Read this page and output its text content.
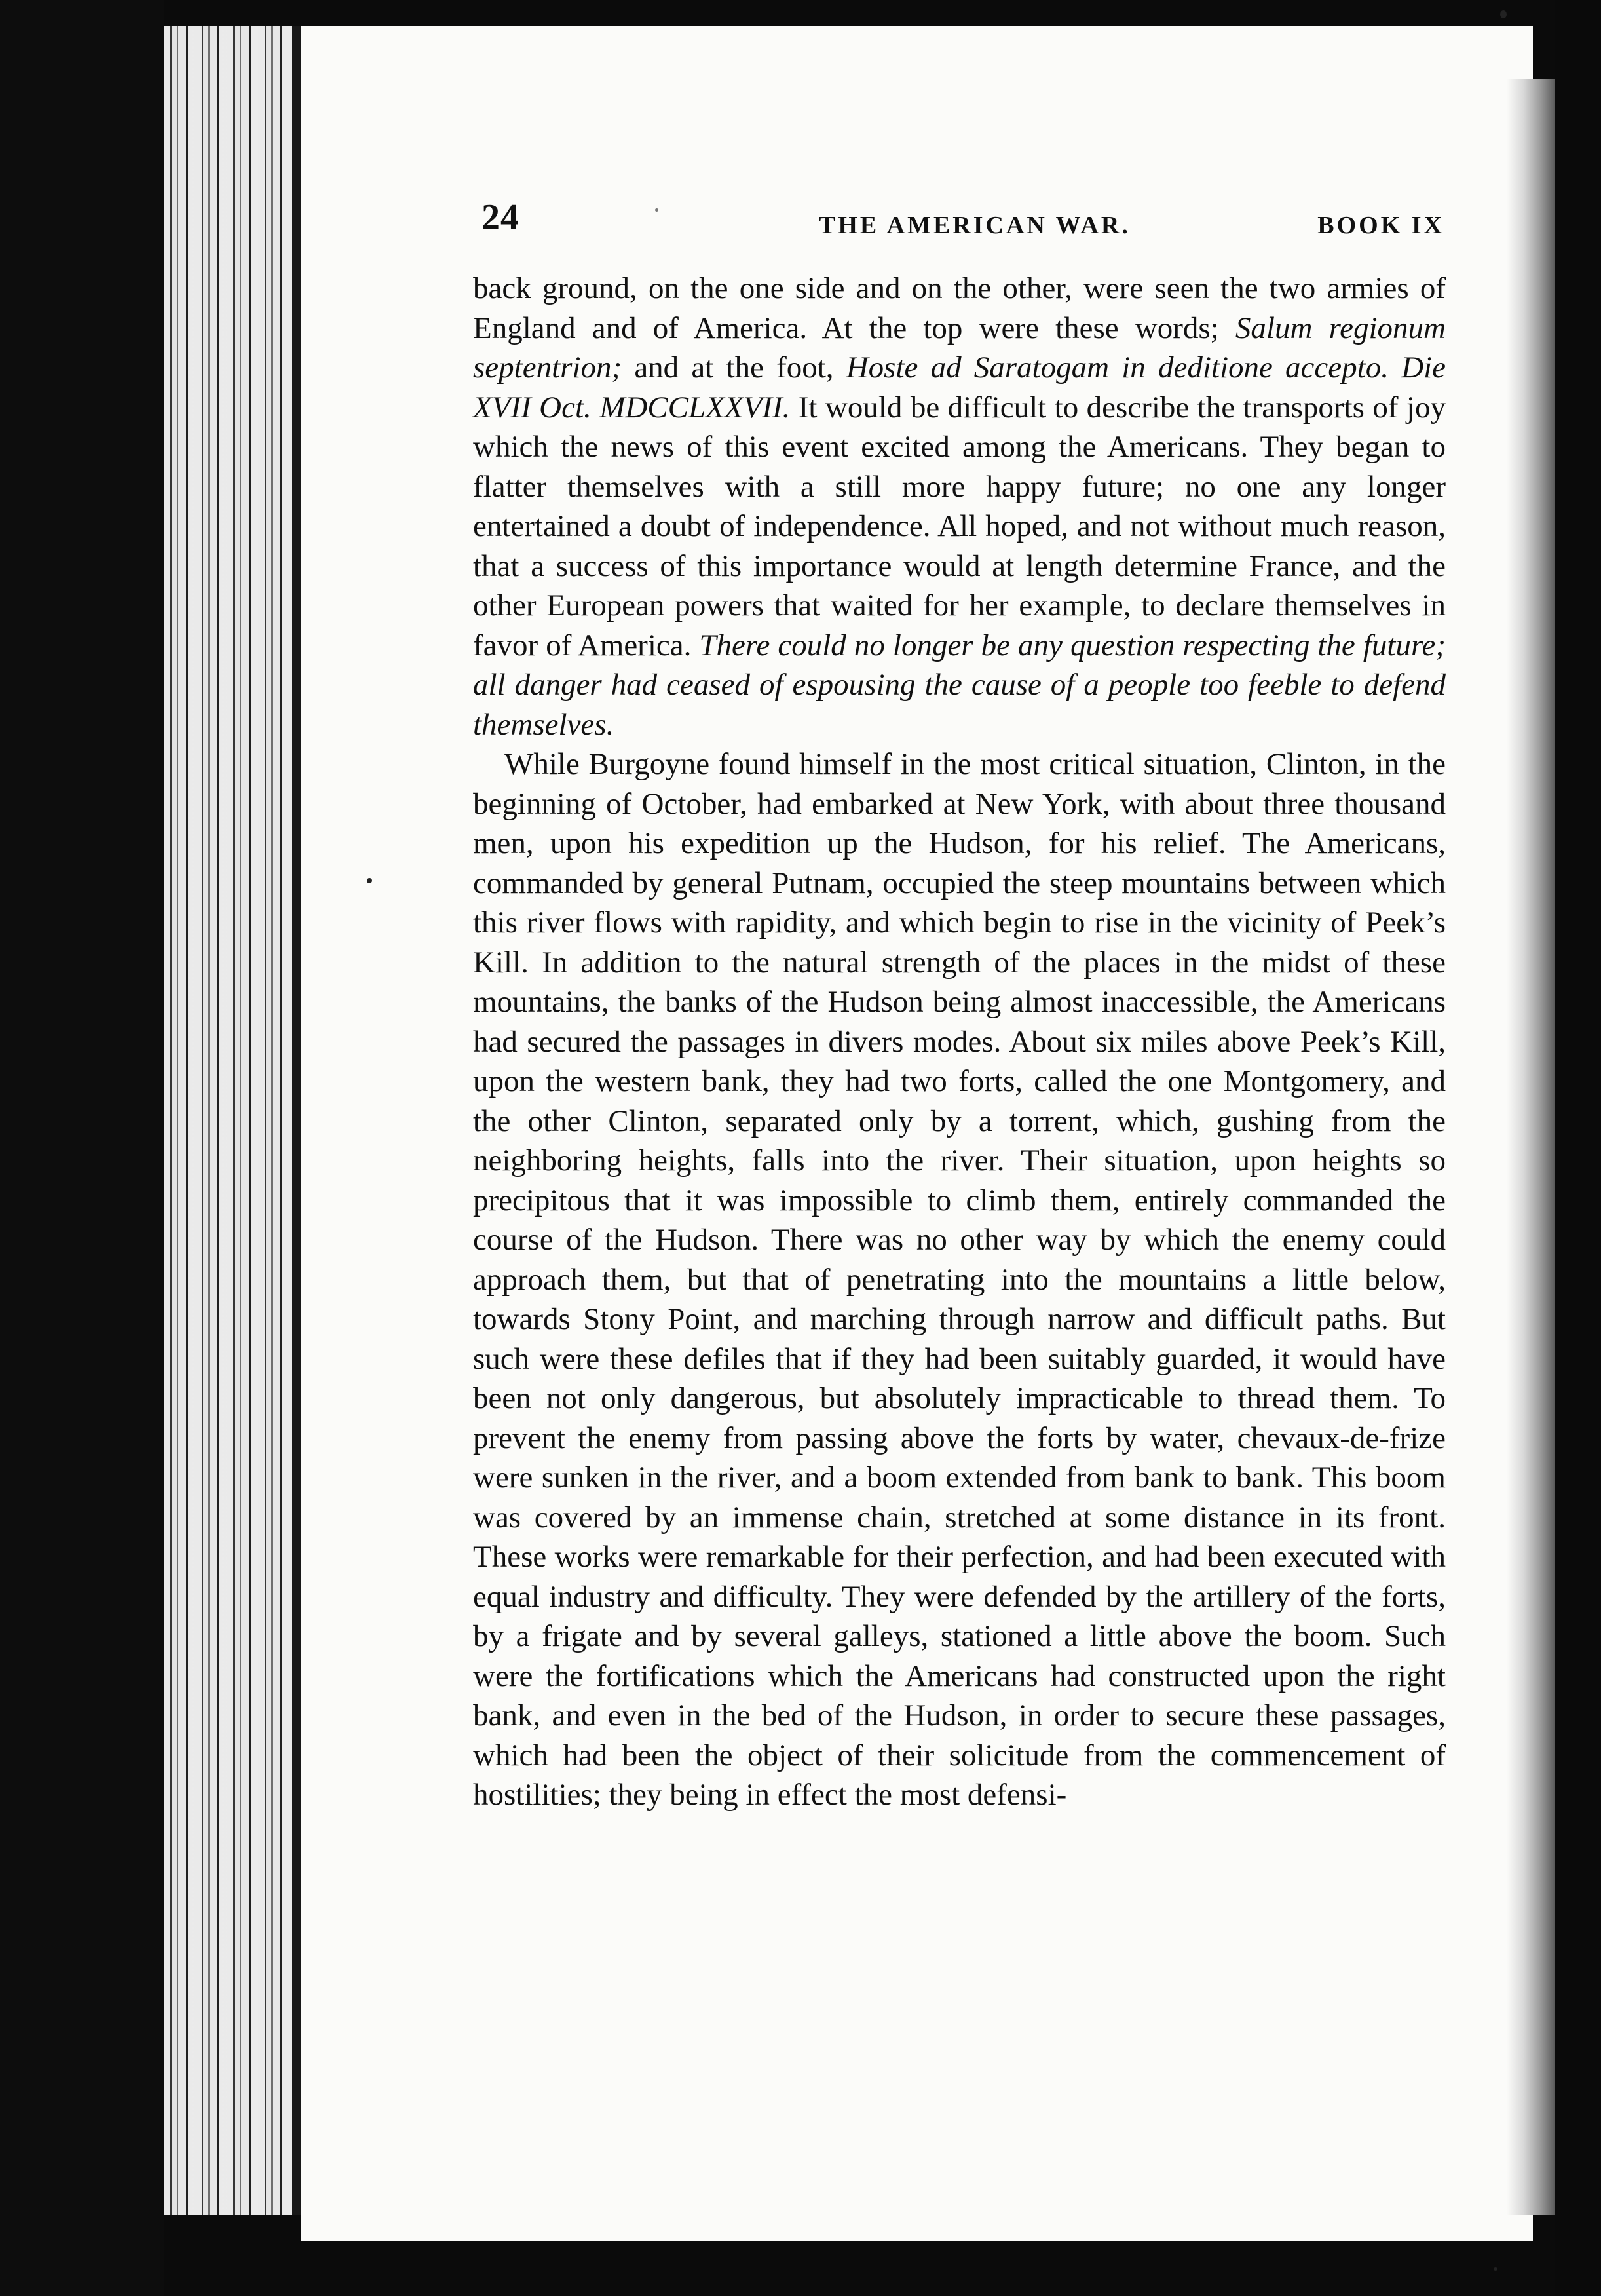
24	THE AMERICAN WAR.	BOOK IX

back ground, on the one side and on the other, were seen the two armies of England and of America. At the top were these words; Salum regionum septentrion; and at the foot, Hoste ad Saratogam in deditione accepto. Die XVII Oct. MDCCLXXVII. It would be difficult to describe the transports of joy which the news of this event excited among the Americans. They began to flatter themselves with a still more happy future; no one any longer entertained a doubt of independence. All hoped, and not without much reason, that a success of this importance would at length determine France, and the other European powers that waited for her example, to declare themselves in favor of America. There could no longer be any question respecting the future; all danger had ceased of espousing the cause of a people too feeble to defend themselves.

While Burgoyne found himself in the most critical situation, Clinton, in the beginning of October, had embarked at New York, with about three thousand men, upon his expedition up the Hudson, for his relief. The Americans, commanded by general Putnam, occupied the steep mountains between which this river flows with rapidity, and which begin to rise in the vicinity of Peek’s Kill. In addition to the natural strength of the places in the midst of these mountains, the banks of the Hudson being almost inaccessible, the Americans had secured the passages in divers modes. About six miles above Peek’s Kill, upon the western bank, they had two forts, called the one Montgomery, and the other Clinton, separated only by a torrent, which, gushing from the neighboring heights, falls into the river. Their situation, upon heights so precipitous that it was impossible to climb them, entirely commanded the course of the Hudson. There was no other way by which the enemy could approach them, but that of penetrating into the mountains a little below, towards Stony Point, and marching through narrow and difficult paths. But such were these defiles that if they had been suitably guarded, it would have been not only dangerous, but absolutely impracticable to thread them. To prevent the enemy from passing above the forts by water, chevaux-de-frize were sunken in the river, and a boom extended from bank to bank. This boom was covered by an immense chain, stretched at some distance in its front. These works were remarkable for their perfection, and had been executed with equal industry and difficulty. They were defended by the artillery of the forts, by a frigate and by several galleys, stationed a little above the boom. Such were the fortifications which the Americans had constructed upon the right bank, and even in the bed of the Hudson, in order to secure these passages, which had been the object of their solicitude from the commencement of hostilities; they being in effect the most defensi-
